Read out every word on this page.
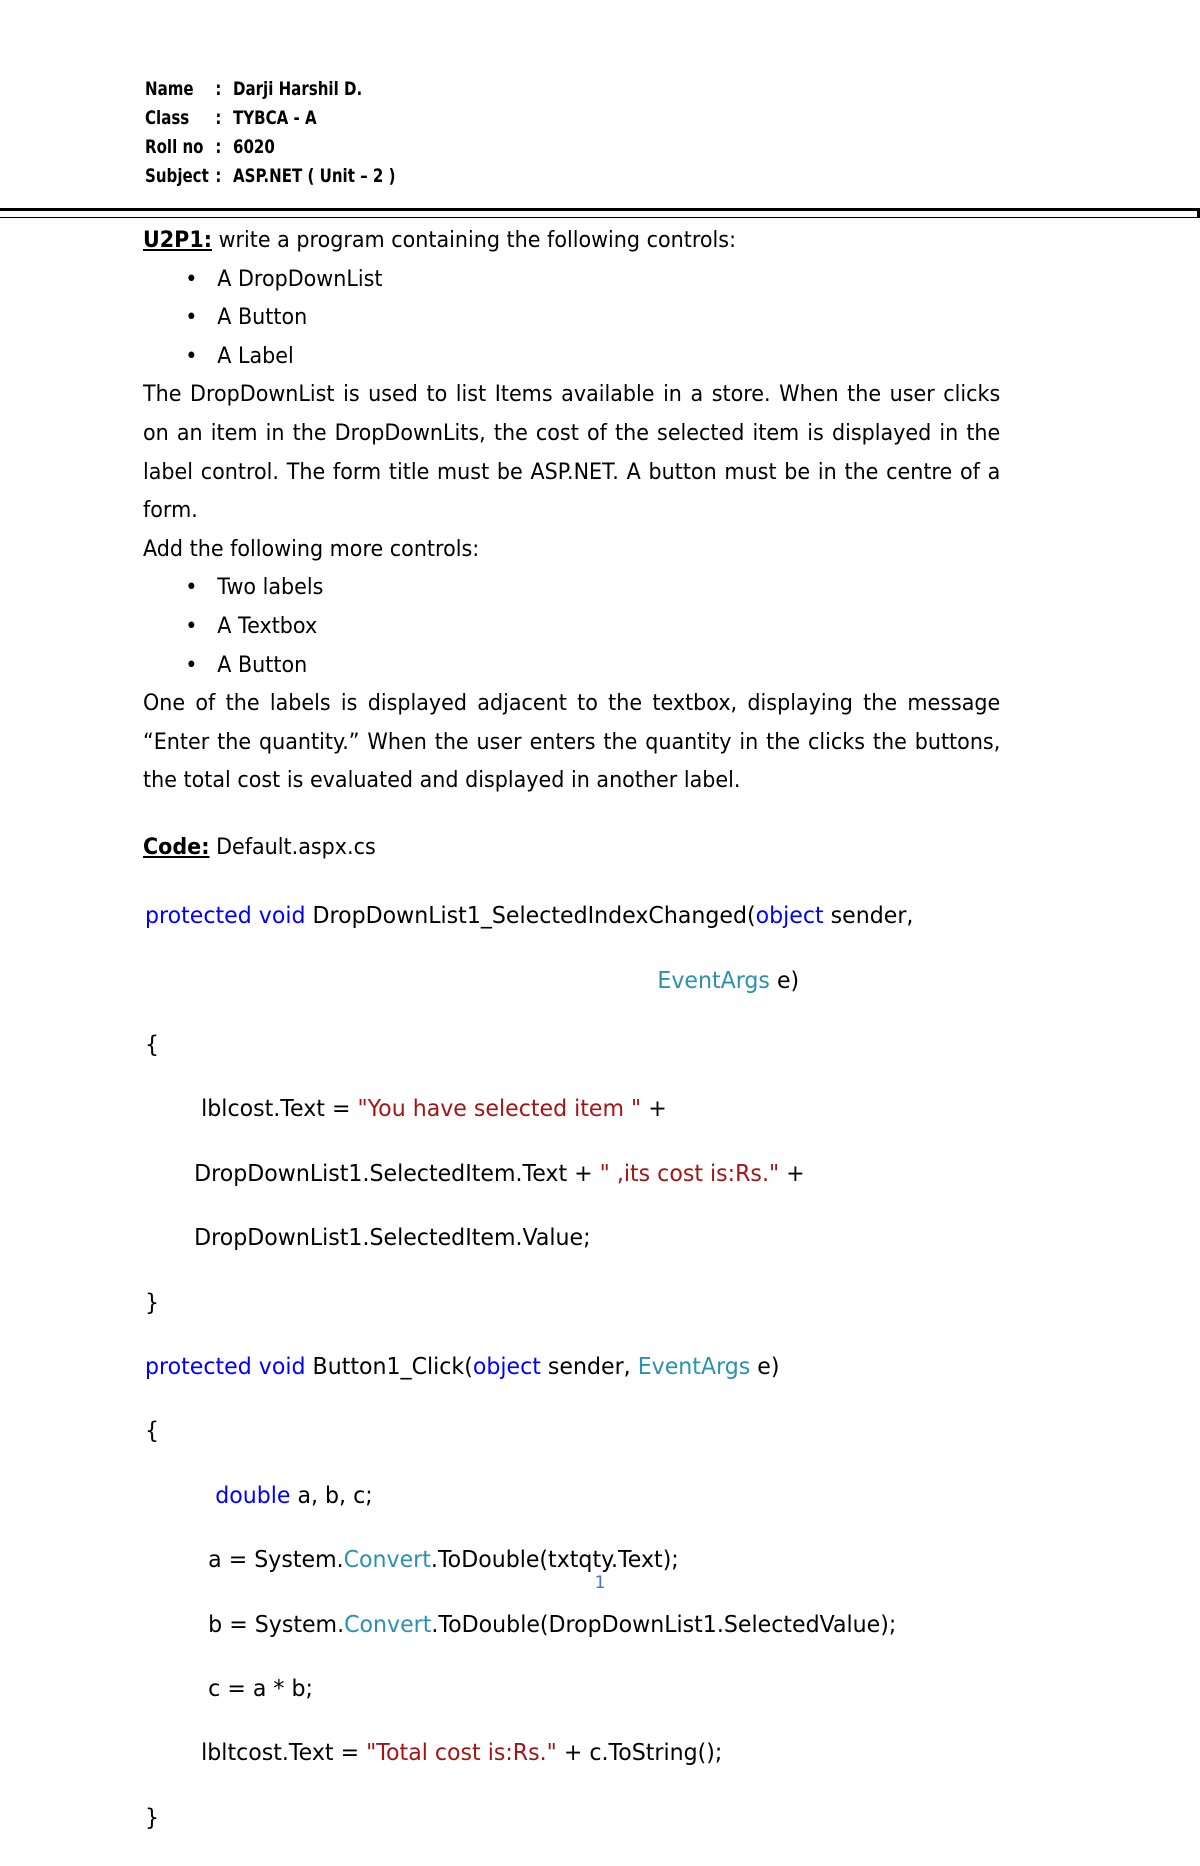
Name	: Darji Harshil D.
Class	: TYBCA - A
Roll no : 6020
Subject : ASP.NET ( Unit – 2 )

U2P1: write a program containing the following controls:

• A DropDownList
• A Button
• A Label

The DropDownList is used to list Items available in a store. When the user clicks on an item in the DropDownLits, the cost of the selected item is displayed in the label control. The form title must be ASP.NET. A button must be in the centre of a form.

Add the following more controls:

• Two labels
• A Textbox
• A Button

One of the labels is displayed adjacent to the textbox, displaying the message “Enter the quantity.” When the user enters the quantity in the clicks the buttons, the total cost is evaluated and displayed in another label.

Code: Default.aspx.cs

protected void DropDownList1_SelectedIndexChanged(object sender,

EventArgs e)

{

lblcost.Text = "You have selected item " +

DropDownList1.SelectedItem.Text + " ,its cost is:Rs." +

DropDownList1.SelectedItem.Value;

}

protected void Button1_Click(object sender, EventArgs e)

{

double a, b, c;

a = System.Convert.ToDouble(txtqty.Text);

b = System.Convert.ToDouble(DropDownList1.SelectedValue);

c = a * b;

lbltcost.Text = "Total cost is:Rs." + c.ToString();

}

1
